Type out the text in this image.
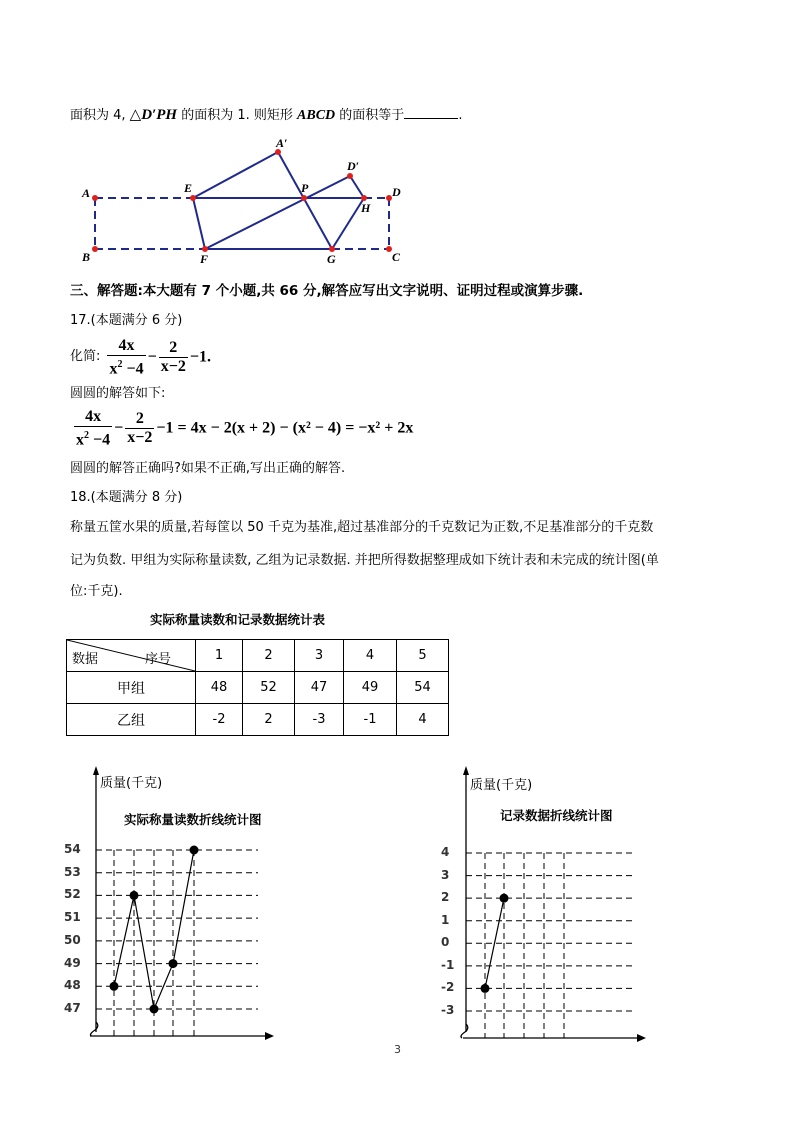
面积为 4, △D′PH 的面积为 1. 则矩形 ABCD 的面积等于	.
A	E	P
H
D
B	F	G	C
A′
D′
三、解答题:本大题有 7 个小题,共 66 分,解答应写出文字说明、证明过程或演算步骤.
17.(本题满分 6 分)
化简: $\frac{4x}{x^2 -4} - \frac{2}{x-2} -1$.
圆圆的解答如下:
$\frac{4x}{x^2 -4} - \frac{2}{x-2} -1 = 4x - 2(x + 2) - (x^2 - 4) = -x^2 + 2x$
圆圆的解答正确吗?如果不正确,写出正确的解答.
18.(本题满分 8 分)
称量五筐水果的质量,若每筐以 50 千克为基准,超过基准部分的千克数记为正数,不足基准部分的千克数
记为负数. 甲组为实际称量读数, 乙组为记录数据. 并把所得数据整理成如下统计表和未完成的统计图(单
位:千克).
实际称量读数和记录数据统计表
数据 序号	1	2	3	4	5
甲组	48	52	47	49	54
乙组	-2	2	-3	-1	4
质量(千克)
实际称量读数折线统计图
54
53
52
51
50
49
48
47
质量(千克)
记录数据折线统计图
4
3
2
1
0
-1
-2
-3
3
